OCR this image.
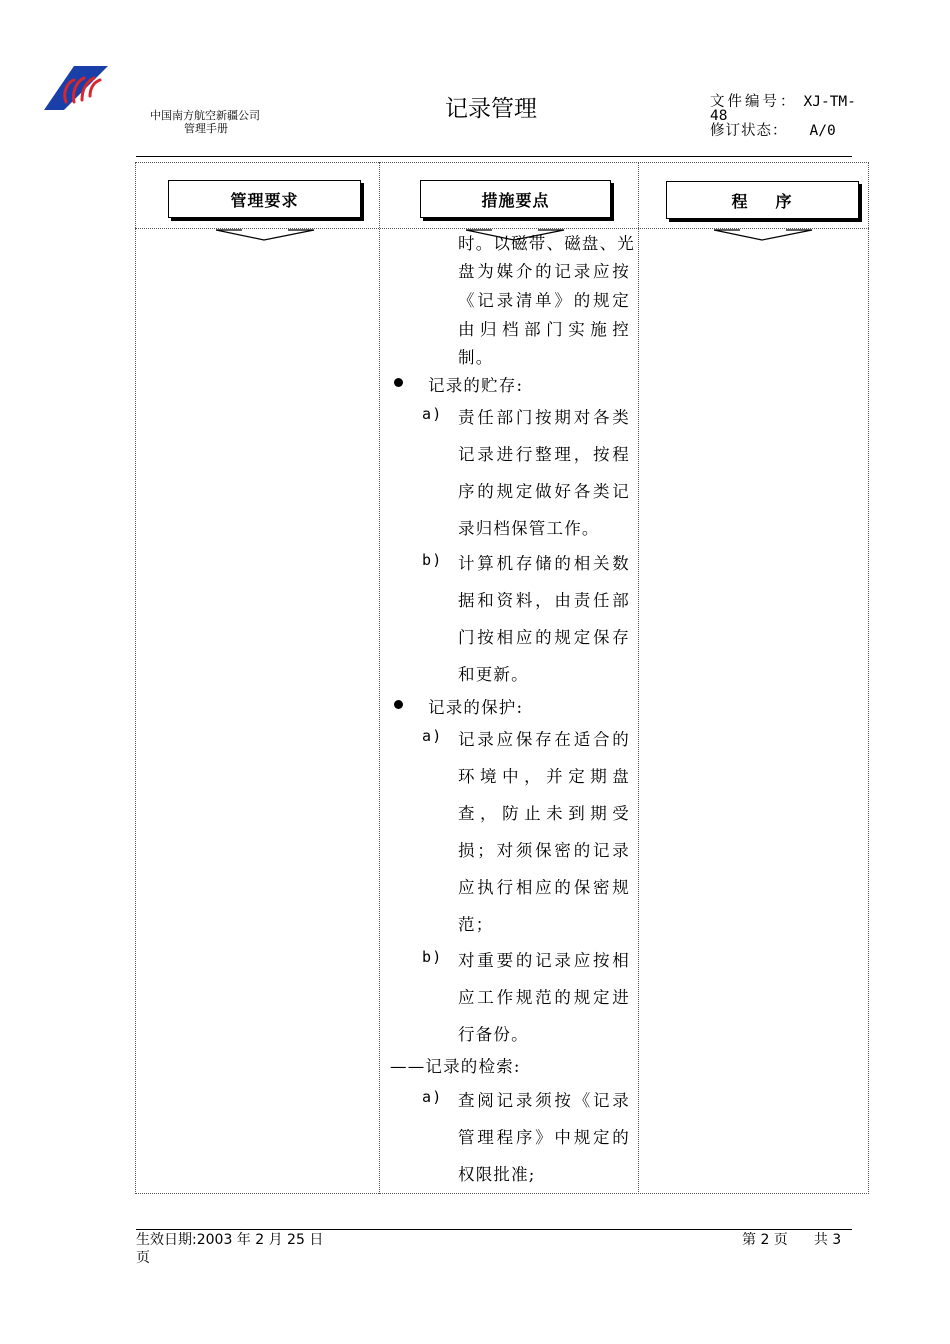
中国南方航空新疆公司
管理手册
记录管理	文件编号： XJ-TM-
48
修订状态： A/0
管理要求	措施要点	程序
时。以磁带、磁盘、光
盘为媒介的记录应按
《记录清单》的规定
由归档部门实施控
制。
记录的贮存:
a) 责任部门按期对各类
记录进行整理，按程
序的规定做好各类记
录归档保管工作。
b) 计算机存储的相关数
据和资料，由责任部
门按相应的规定保存
和更新。
记录的保护:
a) 记录应保存在适合的
环境中，并定期盘
查，防止未到期受
损；对须保密的记录
应执行相应的保密规
范；
b) 对重要的记录应按相
应工作规范的规定进
行备份。
——记录的检索:
a) 查阅记录须按《记录
管理程序》中规定的
权限批准;
生效日期:2003 年 2 月 25 日
页
第 2 页 共 3
